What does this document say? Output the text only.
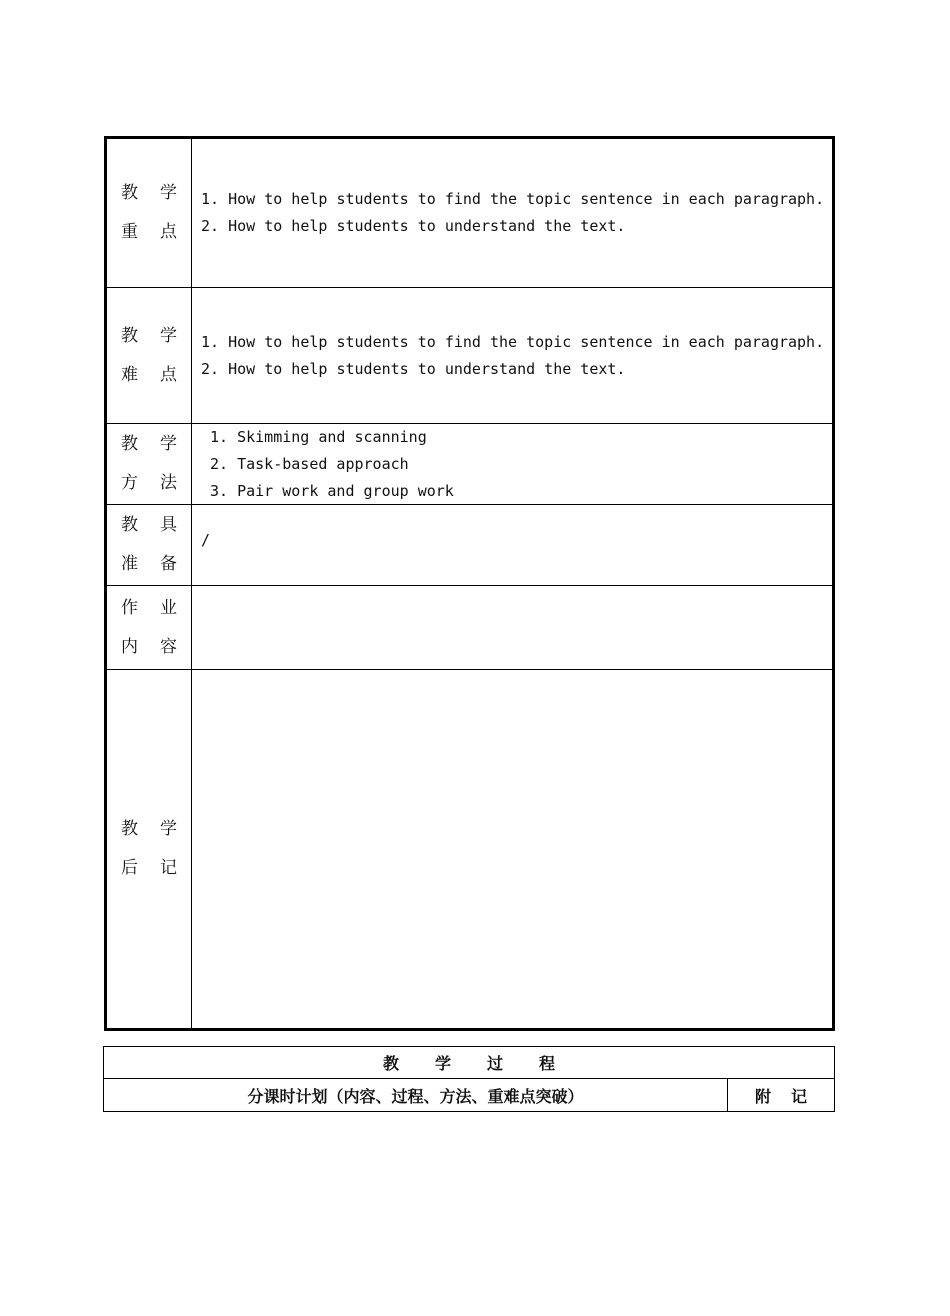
教学
重点
1. How to help students to find the topic sentence in each paragraph.
2. How to help students to understand the text.
教学
难点
1. How to help students to find the topic sentence in each paragraph.
2. How to help students to understand the text.
教学
方法
1. Skimming and scanning
2. Task-based approach
3. Pair work and group work
教具
准备
/
作业
内容
教学
后记
教学过程
分课时计划（内容、过程、方法、重难点突破）	附记
